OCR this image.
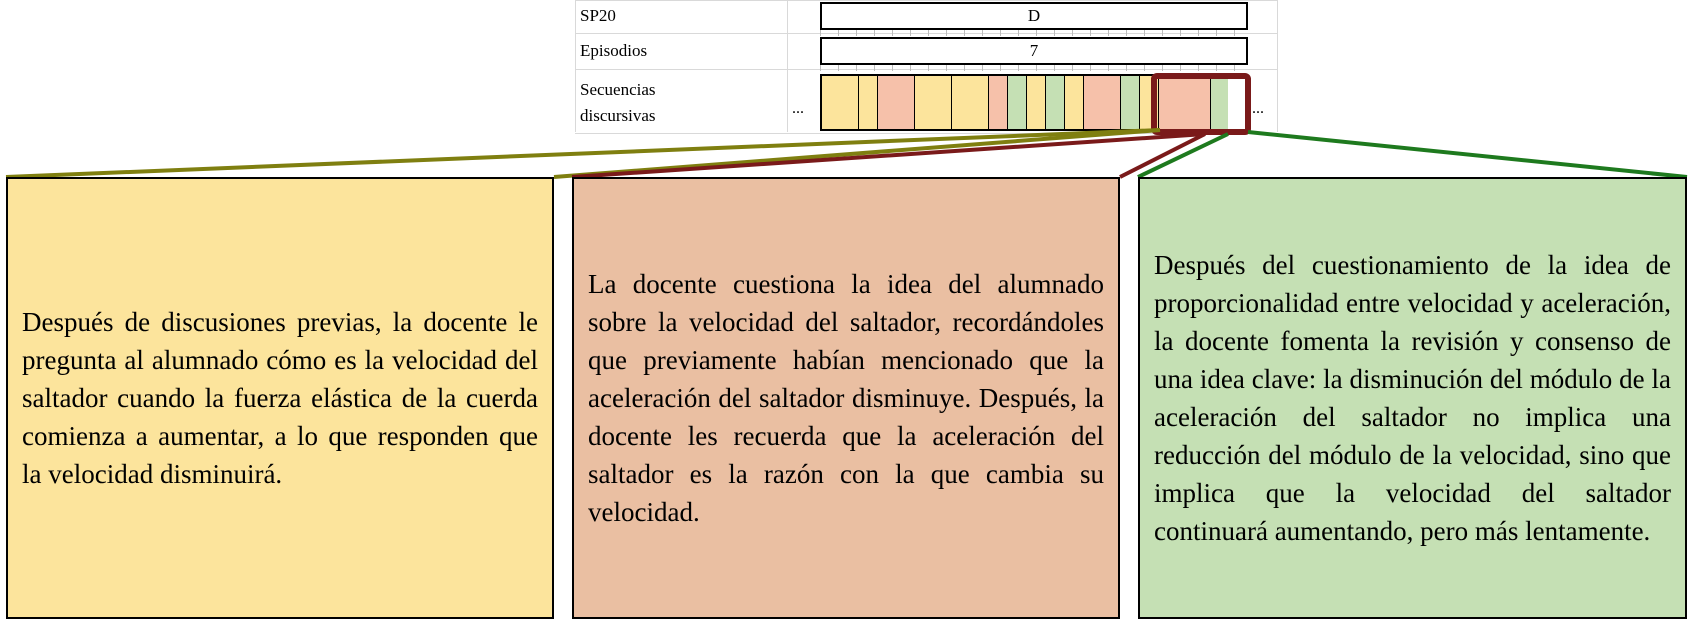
SP20
Episodios
Secuencias
discursivas
D
7
...	...

Después de discusiones previas, la docente le pregunta al alumnado cómo es la velocidad del saltador cuando la fuerza elástica de la cuerda comienza a aumentar, a lo que responden que la velocidad disminuirá.

La docente cuestiona la idea del alumnado sobre la velocidad del saltador, recordándoles que previamente habían mencionado que la aceleración del saltador disminuye. Después, la docente les recuerda que la aceleración del saltador es la razón con la que cambia su velocidad.

Después del cuestionamiento de la idea de proporcionalidad entre velocidad y aceleración, la docente fomenta la revisión y consenso de una idea clave: la disminución del módulo de la aceleración del saltador no implica una reducción del módulo de la velocidad, sino que implica que la velocidad del saltador continuará aumentando, pero más lentamente.
